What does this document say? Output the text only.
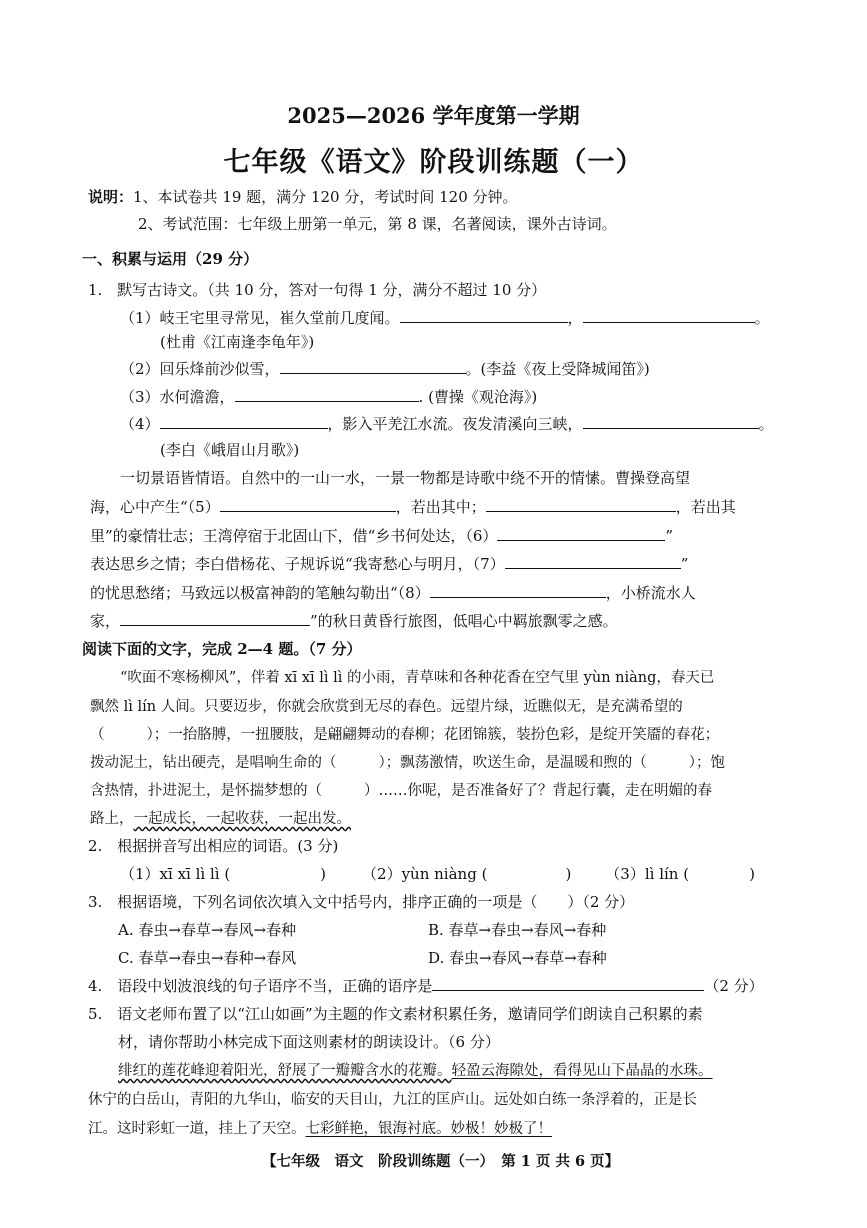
2025—2026 学年度第一学期
七年级《语文》阶段训练题（一）
说明：1、本试卷共 19 题，满分 120 分，考试时间 120 分钟。
2、考试范围：七年级上册第一单元，第 8 课，名著阅读，课外古诗词。
一、积累与运用（29 分）
1.　默写古诗文。（共 10 分，答对一句得 1 分，满分不超过 10 分）
（1）岐王宅里寻常见，崔久堂前几度闻。	，	。
(杜甫《江南逢李龟年》)
（2）回乐烽前沙似雪，	。(李益《夜上受降城闻笛》)
（3）水何澹澹，	. (曹操《观沧海》)
（4）	，影入平羌江水流。夜发清溪向三峡，	。
(李白《峨眉山月歌》)
一切景语皆情语。自然中的一山一水，一景一物都是诗歌中绕不开的情愫。曹操登高望
海，心中产生“（5）	，若出其中；	，若出其
里”的豪情壮志；王湾停宿于北固山下，借“乡书何处达，（6）	”
表达思乡之情；李白借杨花、子规诉说“我寄愁心与明月，（7）	”
的忧思愁绪；马致远以极富神韵的笔触勾勒出“（8）	，小桥流水人
家，	”的秋日黄昏行旅图，低唱心中羁旅飘零之感。
阅读下面的文字，完成 2—4 题。（7 分）
“吹面不寒杨柳风”，伴着 xī xī lì lì 的小雨，青草味和各种花香在空气里 yùn niàng，春天已
飘然 lì lín 人间。只要迈步，你就会欣赏到无尽的春色。远望片绿，近瞧似无，是充满希望的
（	）；一抬胳膊，一扭腰肢，是翩翩舞动的春柳；花团锦簇，装扮色彩，是绽开笑靥的春花；
拨动泥土，钻出硬壳，是唱响生命的（	）；飘荡激情，吹送生命，是温暖和煦的（	）；饱
含热情，扑进泥土，是怀揣梦想的（	）……你呢，是否准备好了？背起行囊，走在明媚的春
路上，一起成长，一起收获，一起出发。
2.　根据拼音写出相应的词语。(3 分)
（1）xī xī lì lì (	) （2）yùn niàng (	) （3）lì lín (	)
3.　根据语境，下列名词依次填入文中括号内，排序正确的一项是（　　）（2 分）
A. 春虫→春草→春风→春种	B. 春草→春虫→春风→春种
C. 春草→春虫→春种→春风	D. 春虫→春风→春草→春种
4.　语段中划波浪线的句子语序不当，正确的语序是	（2 分）
5.　语文老师布置了以“江山如画”为主题的作文素材积累任务，邀请同学们朗读自己积累的素
材，请你帮助小林完成下面这则素材的朗读设计。（6 分）
绯红的莲花峰迎着阳光，舒展了一瓣瓣含水的花瓣。轻盈云海隙处，看得见山下晶晶的水珠。
休宁的白岳山，青阳的九华山，临安的天目山，九江的匡庐山。远处如白练一条浮着的，正是长
江。这时彩虹一道，挂上了天空。七彩鲜艳，银海衬底。妙极！妙极了！
【七年级　语文　阶段训练题（一）　第 1 页 共 6 页】
